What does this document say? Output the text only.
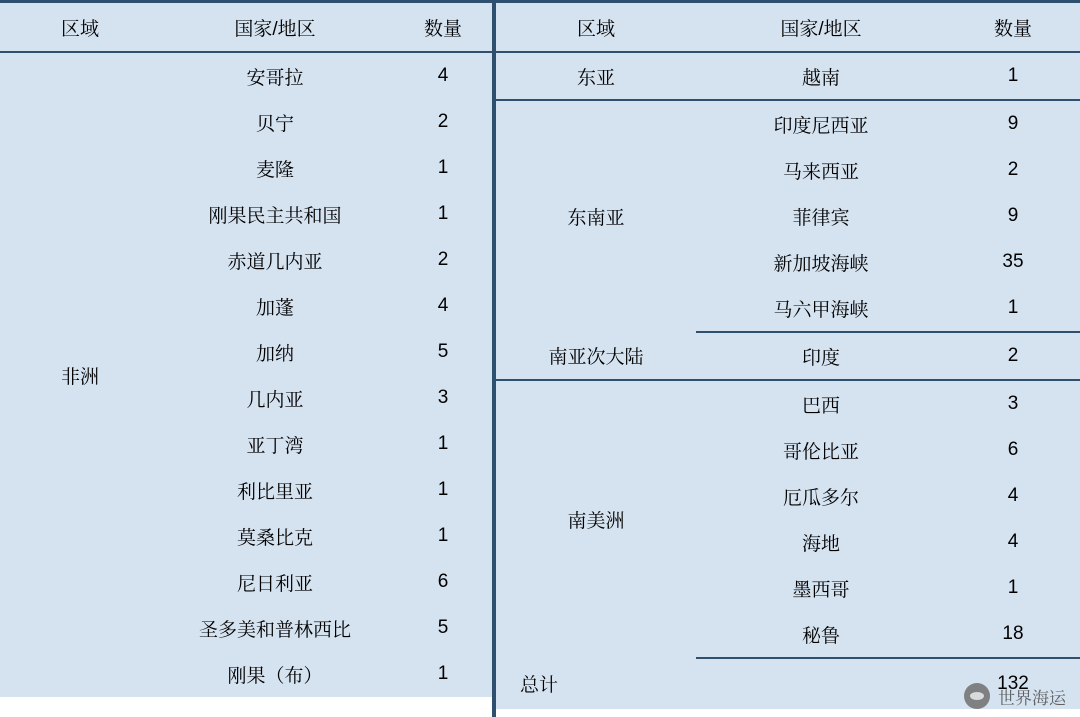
区域	国家/地区	数量
非洲	安哥拉	4
	贝宁	2
	麦隆	1
	刚果民主共和国	1
	赤道几内亚	2
	加蓬	4
	加纳	5
	几内亚	3
	亚丁湾	1
	利比里亚	1
	莫桑比克	1
	尼日利亚	6
	圣多美和普林西比	5
	刚果（布）	1
区域	国家/地区	数量
东亚	越南	1
东南亚	印度尼西亚	9
	马来西亚	2
	菲律宾	9
	新加坡海峡	35
	马六甲海峡	1
南亚次大陆	印度	2
南美洲	巴西	3
	哥伦比亚	6
	厄瓜多尔	4
	海地	4
	墨西哥	1
	秘鲁	18
总计		132
世界海运
